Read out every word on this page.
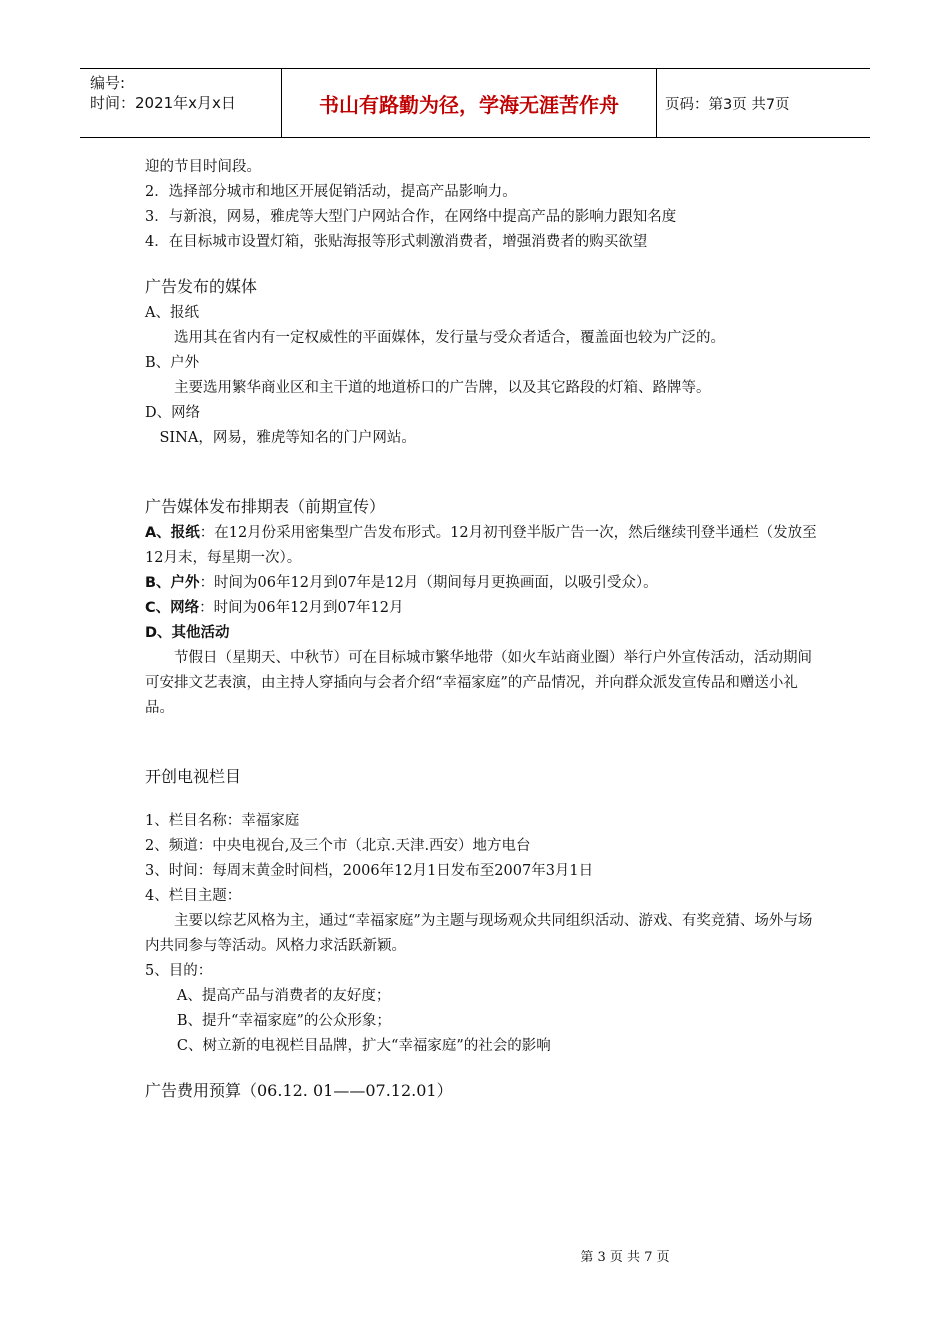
编号:
时间：2021年x月x日	书山有路勤为径，学海无涯苦作舟	页码：第3页 共7页

迎的节目时间段。

2．选择部分城市和地区开展促销活动，提高产品影响力。

3．与新浪，网易，雅虎等大型门户网站合作，在网络中提高产品的影响力跟知名度

4．在目标城市设置灯箱，张贴海报等形式刺激消费者，增强消费者的购买欲望

广告发布的媒体

A、报纸

选用其在省内有一定权威性的平面媒体，发行量与受众者适合，覆盖面也较为广泛的。

B、户外

主要选用繁华商业区和主干道的地道桥口的广告牌，以及其它路段的灯箱、路牌等。

D、网络

SINA，网易，雅虎等知名的门户网站。

广告媒体发布排期表（前期宣传）

A、报纸：在12月份采用密集型广告发布形式。12月初刊登半版广告一次，然后继续刊登半通栏（发放至12月末，每星期一次）。

B、户外：时间为06年12月到07年是12月（期间每月更换画面，以吸引受众）。

C、网络：时间为06年12月到07年12月

D、其他活动

节假日（星期天、中秋节）可在目标城市繁华地带（如火车站商业圈）举行户外宣传活动，活动期间可安排文艺表演，由主持人穿插向与会者介绍“幸福家庭”的产品情况，并向群众派发宣传品和赠送小礼品。

开创电视栏目

1、栏目名称：幸福家庭

2、频道：中央电视台,及三个市（北京.天津.西安）地方电台

3、时间：每周末黄金时间档，2006年12月1日发布至2007年3月1日

4、栏目主题：

主要以综艺风格为主，通过“幸福家庭”为主题与现场观众共同组织活动、游戏、有奖竞猜、场外与场内共同参与等活动。风格力求活跃新颖。

5、目的：

A、提高产品与消费者的友好度；

B、提升“幸福家庭”的公众形象；

C、树立新的电视栏目品牌，扩大“幸福家庭”的社会的影响

广告费用预算（06.12. 01——07.12.01）

第 3 页 共 7 页
